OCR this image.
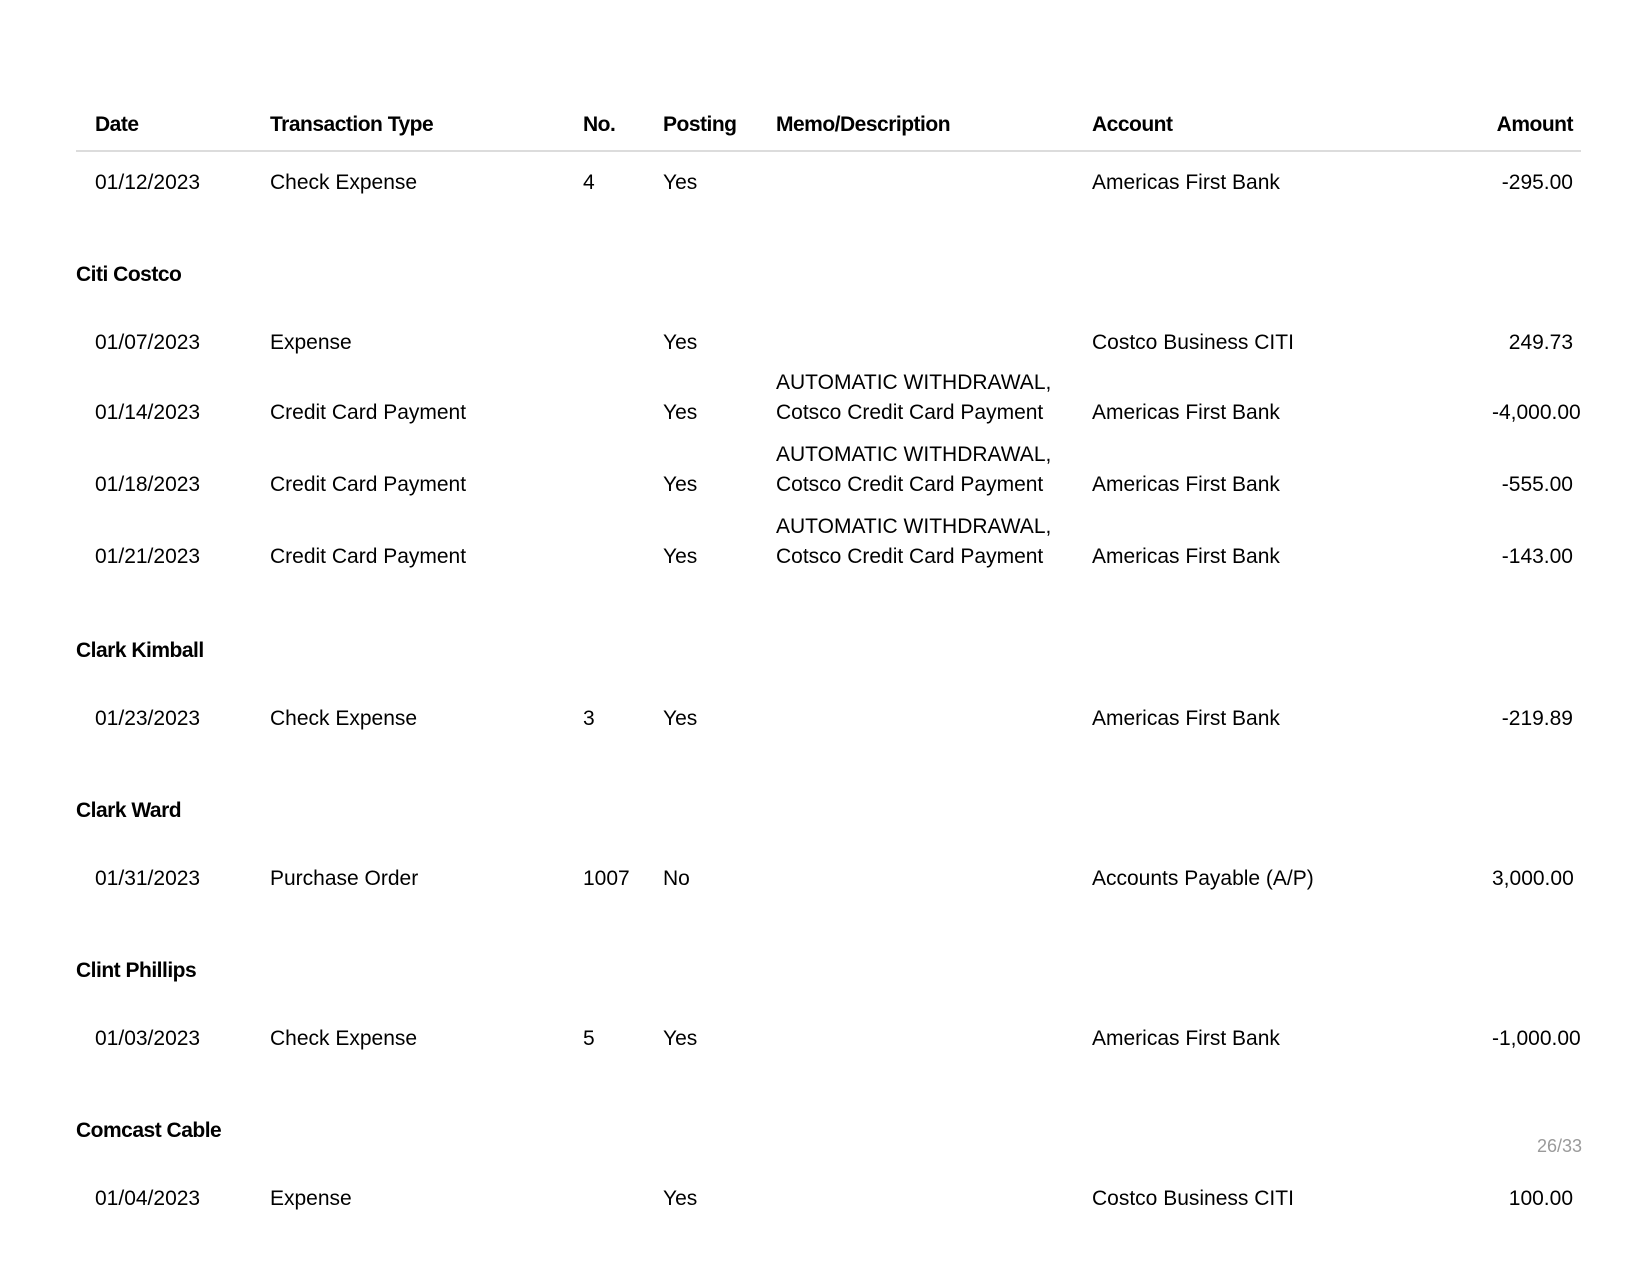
Date	Transaction Type	No.	Posting	Memo/Description	Account	Amount
01/12/2023	Check Expense	4	Yes		Americas First Bank	-295.00
Citi Costco						

01/07/2023	Expense		Yes		Costco Business CITI	249.73
01/14/2023	Credit Card Payment		Yes	AUTOMATIC WITHDRAWAL,
Cotsco Credit Card Payment	Americas First Bank	-4,000.00
01/18/2023	Credit Card Payment		Yes	AUTOMATIC WITHDRAWAL,
Cotsco Credit Card Payment	Americas First Bank	-555.00
01/21/2023	Credit Card Payment		Yes	AUTOMATIC WITHDRAWAL,
Cotsco Credit Card Payment	Americas First Bank	-143.00
Clark Kimball						

01/23/2023	Check Expense	3	Yes		Americas First Bank	-219.89
Clark Ward						

01/31/2023	Purchase Order	1007	No		Accounts Payable (A/P)	3,000.00
Clint Phillips						

01/03/2023	Check Expense	5	Yes		Americas First Bank	-1,000.00
Comcast Cable						

01/04/2023	Expense		Yes		Costco Business CITI	100.00
26/33
